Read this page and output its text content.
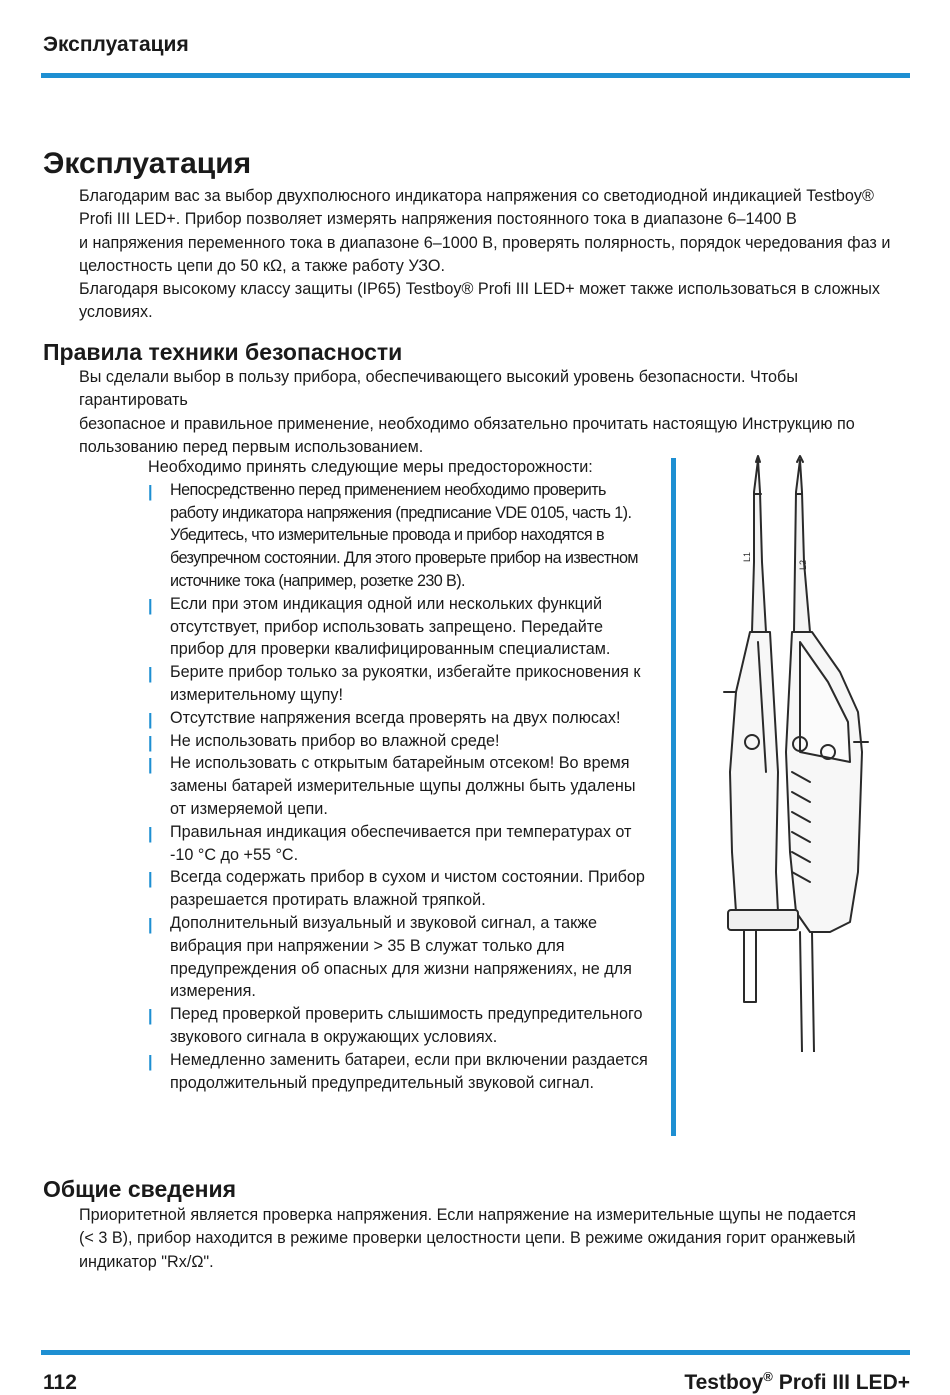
Эксплуатация
Эксплуатация

Благодарим вас за выбор двухполюсного индикатора напряжения со светодиодной индикацией Testboy®

Profi III LED+. Прибор позволяет измерять напряжения постоянного тока в диапазоне 6–1400 В

и напряжения переменного тока в диапазоне 6–1000 В, проверять полярность, порядок чередования фаз и

целостность цепи до 50 кΩ, а также работу УЗО.

Благодаря высокому классу защиты (IP65) Testboy® Profi III LED+ может также использоваться в сложных

условиях.

Правила техники безопасности

Вы сделали выбор в пользу прибора, обеспечивающего высокий уровень безопасности. Чтобы гарантировать

безопасное и правильное применение, необходимо обязательно прочитать настоящую Инструкцию по

пользованию перед первым использованием.

Необходимо принять следующие меры предосторожности:

| Непосредственно перед применением необходимо проверить работу индикатора напряжения (предписание VDE 0105, часть 1). Убедитесь, что измерительные провода и прибор находятся в безупречном состоянии. Для этого проверьте прибор на известном источнике тока (например, розетке 230 В).
| Если при этом индикация одной или нескольких функций отсутствует, прибор использовать запрещено. Передайте прибор для проверки квалифицированным специалистам.
| Берите прибор только за рукоятки, избегайте прикосновения к измерительному щупу!
| Отсутствие напряжения всегда проверять на двух полюсах!
| Не использовать прибор во влажной среде!
| Не использовать с открытым батарейным отсеком! Во время замены батарей измерительные щупы должны быть удалены от измеряемой цепи.
| Правильная индикация обеспечивается при температурах от -10 °C до +55 °C.
| Всегда содержать прибор в сухом и чистом состоянии. Прибор разрешается протирать влажной тряпкой.
| Дополнительный визуальный и звуковой сигнал, а также вибрация при напряжении > 35 В служат только для предупреждения об опасных для жизни напряжениях, не для измерения.
| Перед проверкой проверить слышимость предупредительного звукового сигнала в окружающих условиях.
| Немедленно заменить батареи, если при включении раздается продолжительный предупредительный звуковой сигнал.
L1
L2
Общие сведения

Приоритетной является проверка напряжения. Если напряжение на измерительные щупы не подается

(< 3 В), прибор находится в режиме проверки целостности цепи. В режиме ожидания горит оранжевый

индикатор "Rx/Ω".

112	Testboy® Profi III LED+
